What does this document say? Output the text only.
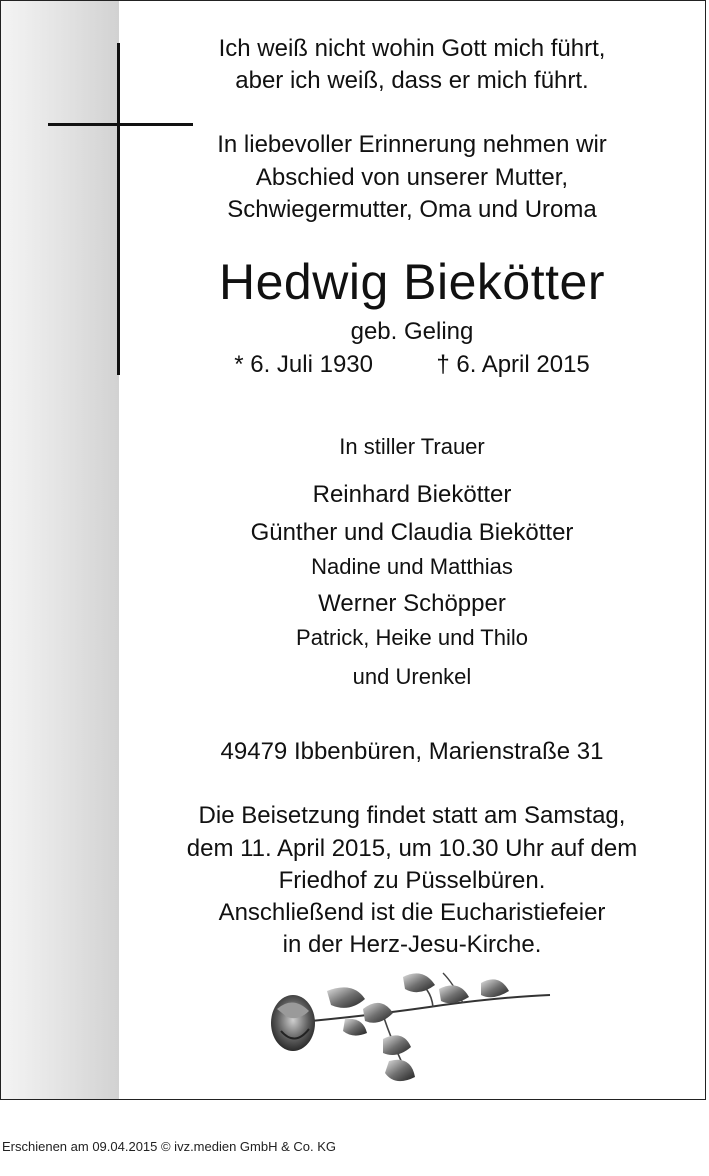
Ich weiß nicht wohin Gott mich führt,
aber ich weiß, dass er mich führt.
In liebevoller Erinnerung nehmen wir
Abschied von unserer Mutter,
Schwiegermutter, Oma und Uroma
Hedwig Biekötter
geb. Geling
* 6. Juli 1930	† 6. April 2015
In stiller Trauer
Reinhard Biekötter
Günther und Claudia Biekötter
Nadine und Matthias
Werner Schöpper
Patrick, Heike und Thilo
und Urenkel
49479 Ibbenbüren, Marienstraße 31
Die Beisetzung findet statt am Samstag,
dem 11. April 2015, um 10.30 Uhr auf dem
Friedhof zu Püsselbüren.
Anschließend ist die Eucharistiefeier
in der Herz-Jesu-Kirche.
Erschienen am 09.04.2015 © ivz.medien GmbH & Co. KG
